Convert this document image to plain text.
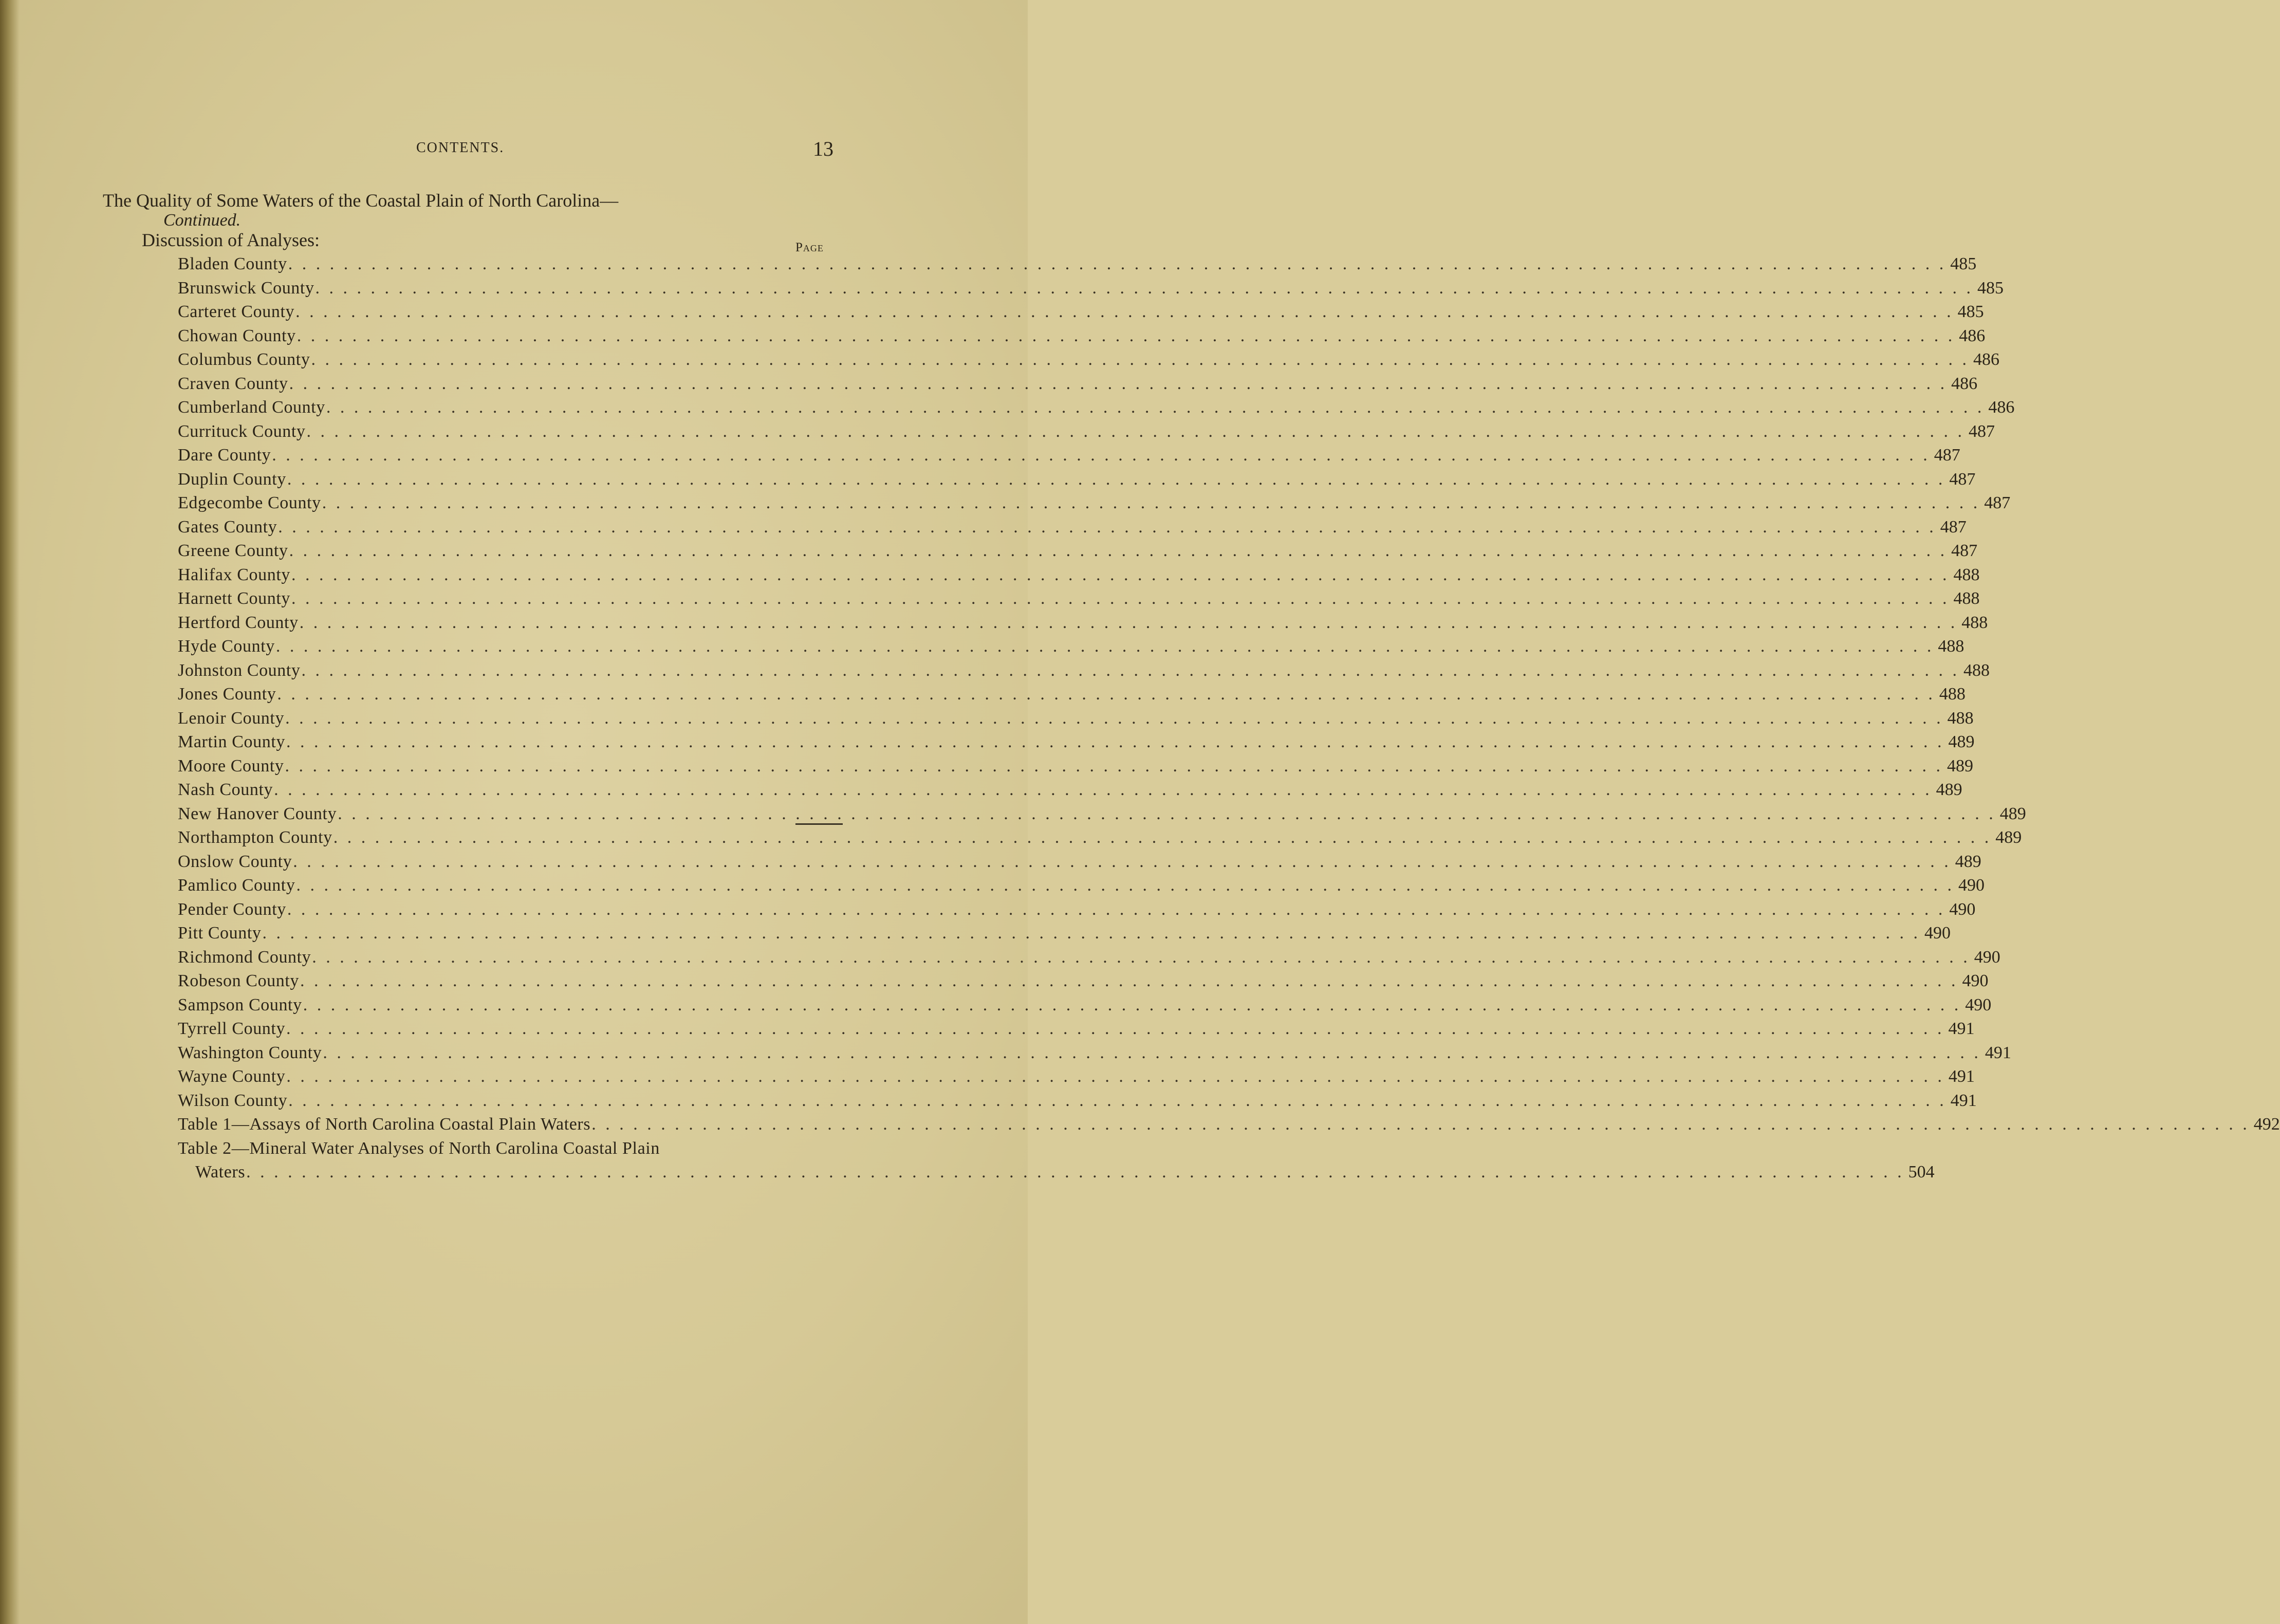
CONTENTS.	13
The Quality of Some Waters of the Coastal Plain of North Carolina—
Continued.
Discussion of Analyses:	Page
Bladen County . . . . . . . . . . . . . . . . . . . . . . . . . . . . . . . . . . . . . . . . . . . . . . . . . . . . . . . . . . . . . . . . . . . . . . . . . . . . . . . . . . . . . . . . . . . . . . . . . . . . . . . . . . . . . . . . . . . . . . . . 485
Brunswick County . . . . . . . . . . . . . . . . . . . . . . . . . . . . . . . . . . . . . . . . . . . . . . . . . . . . . . . . . . . . . . . . . . . . . . . . . . . . . . . . . . . . . . . . . . . . . . . . . . . . . . . . . . . . . . . . . . . . . . . . 485
Carteret County . . . . . . . . . . . . . . . . . . . . . . . . . . . . . . . . . . . . . . . . . . . . . . . . . . . . . . . . . . . . . . . . . . . . . . . . . . . . . . . . . . . . . . . . . . . . . . . . . . . . . . . . . . . . . . . . . . . . . . . . 485
Chowan County . . . . . . . . . . . . . . . . . . . . . . . . . . . . . . . . . . . . . . . . . . . . . . . . . . . . . . . . . . . . . . . . . . . . . . . . . . . . . . . . . . . . . . . . . . . . . . . . . . . . . . . . . . . . . . . . . . . . . . . . 486
Columbus County . . . . . . . . . . . . . . . . . . . . . . . . . . . . . . . . . . . . . . . . . . . . . . . . . . . . . . . . . . . . . . . . . . . . . . . . . . . . . . . . . . . . . . . . . . . . . . . . . . . . . . . . . . . . . . . . . . . . . . . . 486
Craven County . . . . . . . . . . . . . . . . . . . . . . . . . . . . . . . . . . . . . . . . . . . . . . . . . . . . . . . . . . . . . . . . . . . . . . . . . . . . . . . . . . . . . . . . . . . . . . . . . . . . . . . . . . . . . . . . . . . . . . . . 486
Cumberland County . . . . . . . . . . . . . . . . . . . . . . . . . . . . . . . . . . . . . . . . . . . . . . . . . . . . . . . . . . . . . . . . . . . . . . . . . . . . . . . . . . . . . . . . . . . . . . . . . . . . . . . . . . . . . . . . . . . . . . . . 486
Currituck County . . . . . . . . . . . . . . . . . . . . . . . . . . . . . . . . . . . . . . . . . . . . . . . . . . . . . . . . . . . . . . . . . . . . . . . . . . . . . . . . . . . . . . . . . . . . . . . . . . . . . . . . . . . . . . . . . . . . . . . . 487
Dare County . . . . . . . . . . . . . . . . . . . . . . . . . . . . . . . . . . . . . . . . . . . . . . . . . . . . . . . . . . . . . . . . . . . . . . . . . . . . . . . . . . . . . . . . . . . . . . . . . . . . . . . . . . . . . . . . . . . . . . . . 487
Duplin County . . . . . . . . . . . . . . . . . . . . . . . . . . . . . . . . . . . . . . . . . . . . . . . . . . . . . . . . . . . . . . . . . . . . . . . . . . . . . . . . . . . . . . . . . . . . . . . . . . . . . . . . . . . . . . . . . . . . . . . . 487
Edgecombe County . . . . . . . . . . . . . . . . . . . . . . . . . . . . . . . . . . . . . . . . . . . . . . . . . . . . . . . . . . . . . . . . . . . . . . . . . . . . . . . . . . . . . . . . . . . . . . . . . . . . . . . . . . . . . . . . . . . . . . . . 487
Gates County . . . . . . . . . . . . . . . . . . . . . . . . . . . . . . . . . . . . . . . . . . . . . . . . . . . . . . . . . . . . . . . . . . . . . . . . . . . . . . . . . . . . . . . . . . . . . . . . . . . . . . . . . . . . . . . . . . . . . . . . 487
Greene County . . . . . . . . . . . . . . . . . . . . . . . . . . . . . . . . . . . . . . . . . . . . . . . . . . . . . . . . . . . . . . . . . . . . . . . . . . . . . . . . . . . . . . . . . . . . . . . . . . . . . . . . . . . . . . . . . . . . . . . . 487
Halifax County . . . . . . . . . . . . . . . . . . . . . . . . . . . . . . . . . . . . . . . . . . . . . . . . . . . . . . . . . . . . . . . . . . . . . . . . . . . . . . . . . . . . . . . . . . . . . . . . . . . . . . . . . . . . . . . . . . . . . . . . 488
Harnett County . . . . . . . . . . . . . . . . . . . . . . . . . . . . . . . . . . . . . . . . . . . . . . . . . . . . . . . . . . . . . . . . . . . . . . . . . . . . . . . . . . . . . . . . . . . . . . . . . . . . . . . . . . . . . . . . . . . . . . . . 488
Hertford County . . . . . . . . . . . . . . . . . . . . . . . . . . . . . . . . . . . . . . . . . . . . . . . . . . . . . . . . . . . . . . . . . . . . . . . . . . . . . . . . . . . . . . . . . . . . . . . . . . . . . . . . . . . . . . . . . . . . . . . . 488
Hyde County . . . . . . . . . . . . . . . . . . . . . . . . . . . . . . . . . . . . . . . . . . . . . . . . . . . . . . . . . . . . . . . . . . . . . . . . . . . . . . . . . . . . . . . . . . . . . . . . . . . . . . . . . . . . . . . . . . . . . . . . 488
Johnston County . . . . . . . . . . . . . . . . . . . . . . . . . . . . . . . . . . . . . . . . . . . . . . . . . . . . . . . . . . . . . . . . . . . . . . . . . . . . . . . . . . . . . . . . . . . . . . . . . . . . . . . . . . . . . . . . . . . . . . . . 488
Jones County . . . . . . . . . . . . . . . . . . . . . . . . . . . . . . . . . . . . . . . . . . . . . . . . . . . . . . . . . . . . . . . . . . . . . . . . . . . . . . . . . . . . . . . . . . . . . . . . . . . . . . . . . . . . . . . . . . . . . . . . 488
Lenoir County . . . . . . . . . . . . . . . . . . . . . . . . . . . . . . . . . . . . . . . . . . . . . . . . . . . . . . . . . . . . . . . . . . . . . . . . . . . . . . . . . . . . . . . . . . . . . . . . . . . . . . . . . . . . . . . . . . . . . . . . 488
Martin County . . . . . . . . . . . . . . . . . . . . . . . . . . . . . . . . . . . . . . . . . . . . . . . . . . . . . . . . . . . . . . . . . . . . . . . . . . . . . . . . . . . . . . . . . . . . . . . . . . . . . . . . . . . . . . . . . . . . . . . . 489
Moore County . . . . . . . . . . . . . . . . . . . . . . . . . . . . . . . . . . . . . . . . . . . . . . . . . . . . . . . . . . . . . . . . . . . . . . . . . . . . . . . . . . . . . . . . . . . . . . . . . . . . . . . . . . . . . . . . . . . . . . . . 489
Nash County . . . . . . . . . . . . . . . . . . . . . . . . . . . . . . . . . . . . . . . . . . . . . . . . . . . . . . . . . . . . . . . . . . . . . . . . . . . . . . . . . . . . . . . . . . . . . . . . . . . . . . . . . . . . . . . . . . . . . . . . 489
New Hanover County . . . . . . . . . . . . . . . . . . . . . . . . . . . . . . . . . . . . . . . . . . . . . . . . . . . . . . . . . . . . . . . . . . . . . . . . . . . . . . . . . . . . . . . . . . . . . . . . . . . . . . . . . . . . . . . . . . . . . . . . 489
Northampton County . . . . . . . . . . . . . . . . . . . . . . . . . . . . . . . . . . . . . . . . . . . . . . . . . . . . . . . . . . . . . . . . . . . . . . . . . . . . . . . . . . . . . . . . . . . . . . . . . . . . . . . . . . . . . . . . . . . . . . . . 489
Onslow County . . . . . . . . . . . . . . . . . . . . . . . . . . . . . . . . . . . . . . . . . . . . . . . . . . . . . . . . . . . . . . . . . . . . . . . . . . . . . . . . . . . . . . . . . . . . . . . . . . . . . . . . . . . . . . . . . . . . . . . . 489
Pamlico County . . . . . . . . . . . . . . . . . . . . . . . . . . . . . . . . . . . . . . . . . . . . . . . . . . . . . . . . . . . . . . . . . . . . . . . . . . . . . . . . . . . . . . . . . . . . . . . . . . . . . . . . . . . . . . . . . . . . . . . . 490
Pender County . . . . . . . . . . . . . . . . . . . . . . . . . . . . . . . . . . . . . . . . . . . . . . . . . . . . . . . . . . . . . . . . . . . . . . . . . . . . . . . . . . . . . . . . . . . . . . . . . . . . . . . . . . . . . . . . . . . . . . . . 490
Pitt County . . . . . . . . . . . . . . . . . . . . . . . . . . . . . . . . . . . . . . . . . . . . . . . . . . . . . . . . . . . . . . . . . . . . . . . . . . . . . . . . . . . . . . . . . . . . . . . . . . . . . . . . . . . . . . . . . . . . . . . . 490
Richmond County . . . . . . . . . . . . . . . . . . . . . . . . . . . . . . . . . . . . . . . . . . . . . . . . . . . . . . . . . . . . . . . . . . . . . . . . . . . . . . . . . . . . . . . . . . . . . . . . . . . . . . . . . . . . . . . . . . . . . . . . 490
Robeson County . . . . . . . . . . . . . . . . . . . . . . . . . . . . . . . . . . . . . . . . . . . . . . . . . . . . . . . . . . . . . . . . . . . . . . . . . . . . . . . . . . . . . . . . . . . . . . . . . . . . . . . . . . . . . . . . . . . . . . . . 490
Sampson County . . . . . . . . . . . . . . . . . . . . . . . . . . . . . . . . . . . . . . . . . . . . . . . . . . . . . . . . . . . . . . . . . . . . . . . . . . . . . . . . . . . . . . . . . . . . . . . . . . . . . . . . . . . . . . . . . . . . . . . . 490
Tyrrell County . . . . . . . . . . . . . . . . . . . . . . . . . . . . . . . . . . . . . . . . . . . . . . . . . . . . . . . . . . . . . . . . . . . . . . . . . . . . . . . . . . . . . . . . . . . . . . . . . . . . . . . . . . . . . . . . . . . . . . . . 491
Washington County . . . . . . . . . . . . . . . . . . . . . . . . . . . . . . . . . . . . . . . . . . . . . . . . . . . . . . . . . . . . . . . . . . . . . . . . . . . . . . . . . . . . . . . . . . . . . . . . . . . . . . . . . . . . . . . . . . . . . . . . 491
Wayne County . . . . . . . . . . . . . . . . . . . . . . . . . . . . . . . . . . . . . . . . . . . . . . . . . . . . . . . . . . . . . . . . . . . . . . . . . . . . . . . . . . . . . . . . . . . . . . . . . . . . . . . . . . . . . . . . . . . . . . . . 491
Wilson County . . . . . . . . . . . . . . . . . . . . . . . . . . . . . . . . . . . . . . . . . . . . . . . . . . . . . . . . . . . . . . . . . . . . . . . . . . . . . . . . . . . . . . . . . . . . . . . . . . . . . . . . . . . . . . . . . . . . . . . . 491
Table 1—Assays of North Carolina Coastal Plain Waters . . . . . . . . . . . . . . . . . . . . . . . . . . . . . . . . . . . . . . . . . . . . . . . . . . . . . . . . . . . . . . . . . . . . . . . . . . . . . . . . . . . . . . . . . . . . . . . . . . . . . . . . . . . . . . . . . . . . . . . . 492
Table 2—Mineral Water Analyses of North Carolina Coastal Plain
Waters . . . . . . . . . . . . . . . . . . . . . . . . . . . . . . . . . . . . . . . . . . . . . . . . . . . . . . . . . . . . . . . . . . . . . . . . . . . . . . . . . . . . . . . . . . . . . . . . . . . . . . . . . . . . . . . . . . . . . . . . 504
